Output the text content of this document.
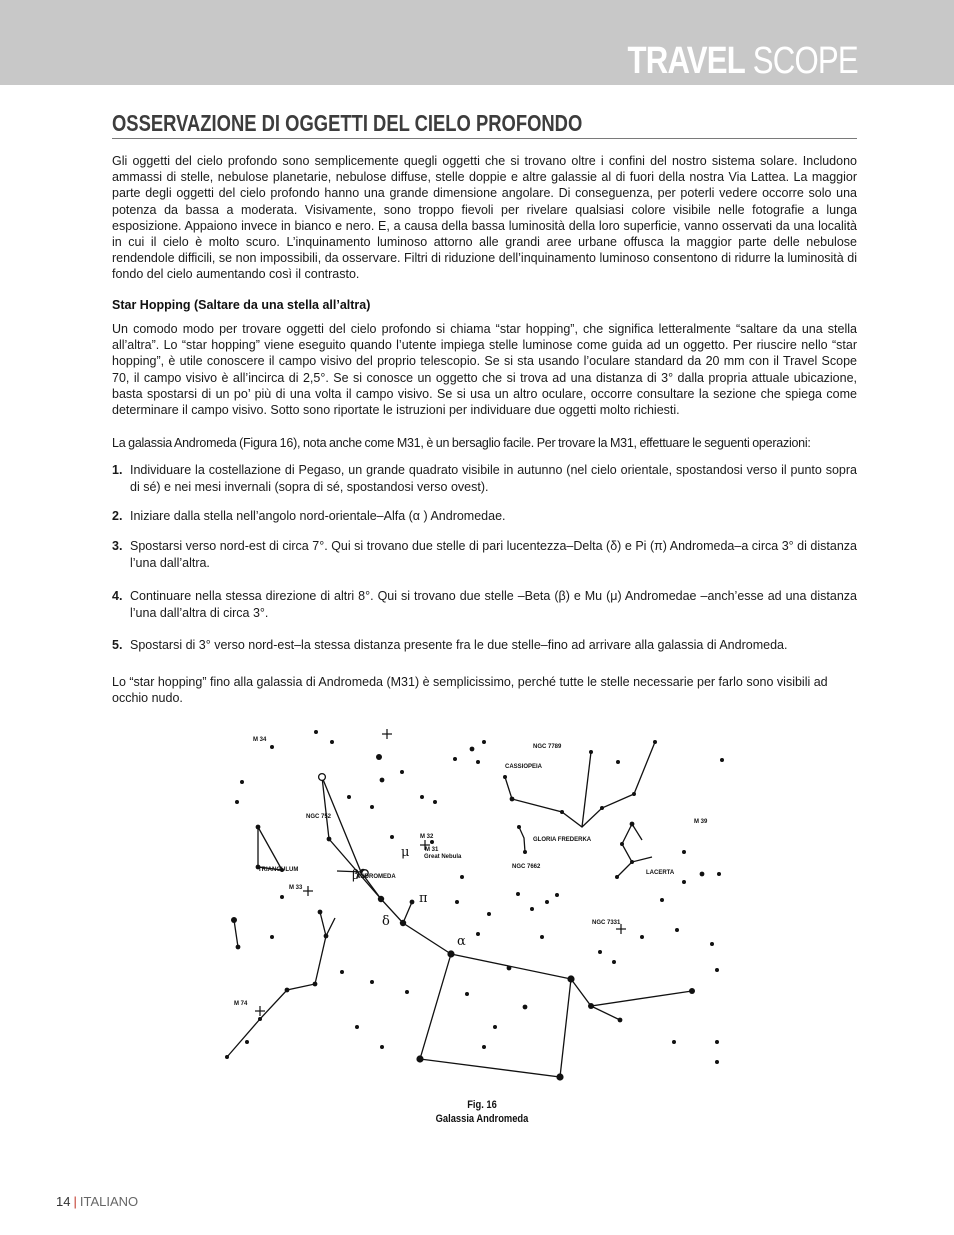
TRAVEL SCOPE
OSSERVAZIONE DI OGGETTI DEL CIELO PROFONDO
Gli oggetti del cielo profondo sono semplicemente quegli oggetti che si trovano oltre i confini del nostro sistema solare. Includono ammassi di stelle, nebulose planetarie, nebulose diffuse, stelle doppie e altre galassie al di fuori della nostra Via Lattea. La maggior parte degli oggetti del cielo profondo hanno una grande dimensione angolare. Di conseguenza, per poterli vedere occorre solo una potenza da bassa a moderata. Visivamente, sono troppo fievoli per rivelare qualsiasi colore visibile nelle fotografie a lunga esposizione. Appaiono invece in bianco e nero. E, a causa della bassa luminosità della loro superficie, vanno osservati da una località in cui il cielo è molto scuro. L’inquinamento luminoso attorno alle grandi aree urbane offusca la maggior parte delle nebulose rendendole difficili, se non impossibili, da osservare. Filtri di riduzione dell’inquinamento luminoso consentono di ridurre la luminosità di fondo del cielo aumentando così il contrasto.
Star Hopping (Saltare da una stella all’altra)
Un comodo modo per trovare oggetti del cielo profondo si chiama “star hopping”, che significa letteralmente “saltare da una stella all’altra”. Lo “star hopping” viene eseguito quando l’utente impiega stelle luminose come guida ad un oggetto. Per riuscire nello “star hopping”, è utile conoscere il campo visivo del proprio telescopio. Se si sta usando l’oculare standard da 20 mm con il Travel Scope 70, il campo visivo è all’incirca di 2,5°. Se si conosce un oggetto che si trova ad una distanza di 3° dalla propria attuale ubicazione, basta spostarsi di un po’ più di una volta il campo visivo. Se si usa un altro oculare, occorre consultare la sezione che spiega come determinare il campo visivo. Sotto sono riportate le istruzioni per individuare due oggetti molto richiesti.
La galassia Andromeda (Figura 16), nota anche come M31, è un bersaglio facile. Per trovare la M31, effettuare le seguenti operazioni:
1. Individuare la costellazione di Pegaso, un grande quadrato visibile in autunno (nel cielo orientale, spostandosi verso il punto sopra di sé) e nei mesi invernali (sopra di sé, spostandosi verso ovest).
2. Iniziare dalla stella nell’angolo nord-orientale–Alfa (α ) Andromedae.
3. Spostarsi verso nord-est di circa 7°. Qui si trovano due stelle di pari lucentezza–Delta (δ) e Pi (π) Andromeda–a circa 3° di distanza l’una dall’altra.
4. Continuare nella stessa direzione di altri 8°. Qui si trovano due stelle –Beta (β) e Mu (μ) Andromedae –anch’esse ad una distanza l’una dall’altra di circa 3°.
5. Spostarsi di 3° verso nord-est–la stessa distanza presente fra le due stelle–fino ad arrivare alla galassia di Andromeda.
Lo “star hopping” fino alla galassia di Andromeda (M31) è semplicissimo, perché tutte le stelle necessarie per farlo sono visibili ad occhio nudo.
M 34
NGC 7789
CASSIOPEIA
NGC 752
M 32
M 31
Great Nebula
GLORIA FREDERKA
M 39
TRIANGULUM
M 33
ANDROMEDA
NGC 7662
LACERTA
NGC 7331
M 74
α
β
δ
π
μ
Fig. 16
Galassia Andromeda
14 | ITALIANO
